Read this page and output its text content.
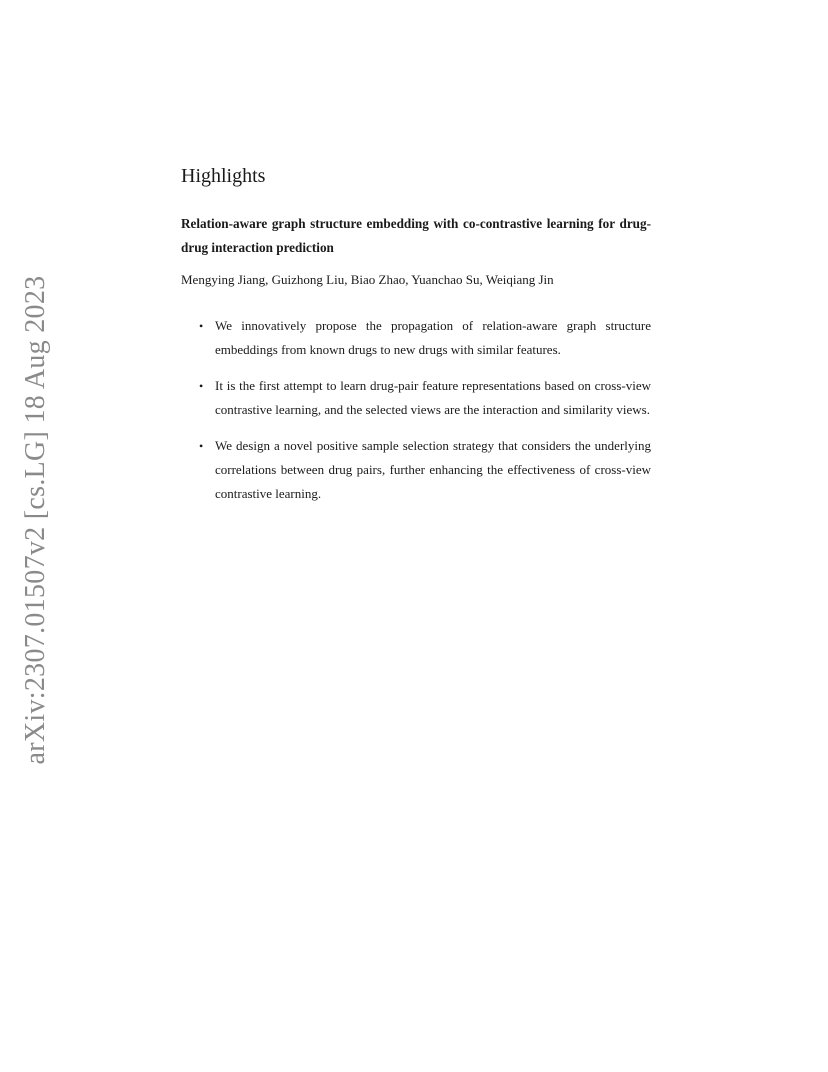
arXiv:2307.01507v2 [cs.LG] 18 Aug 2023
Highlights
Relation-aware graph structure embedding with co-contrastive learning for drug-drug interaction prediction
Mengying Jiang, Guizhong Liu, Biao Zhao, Yuanchao Su, Weiqiang Jin
• We innovatively propose the propagation of relation-aware graph structure embeddings from known drugs to new drugs with similar features.
• It is the first attempt to learn drug-pair feature representations based on cross-view contrastive learning, and the selected views are the interaction and similarity views.
• We design a novel positive sample selection strategy that considers the underlying correlations between drug pairs, further enhancing the effectiveness of cross-view contrastive learning.
